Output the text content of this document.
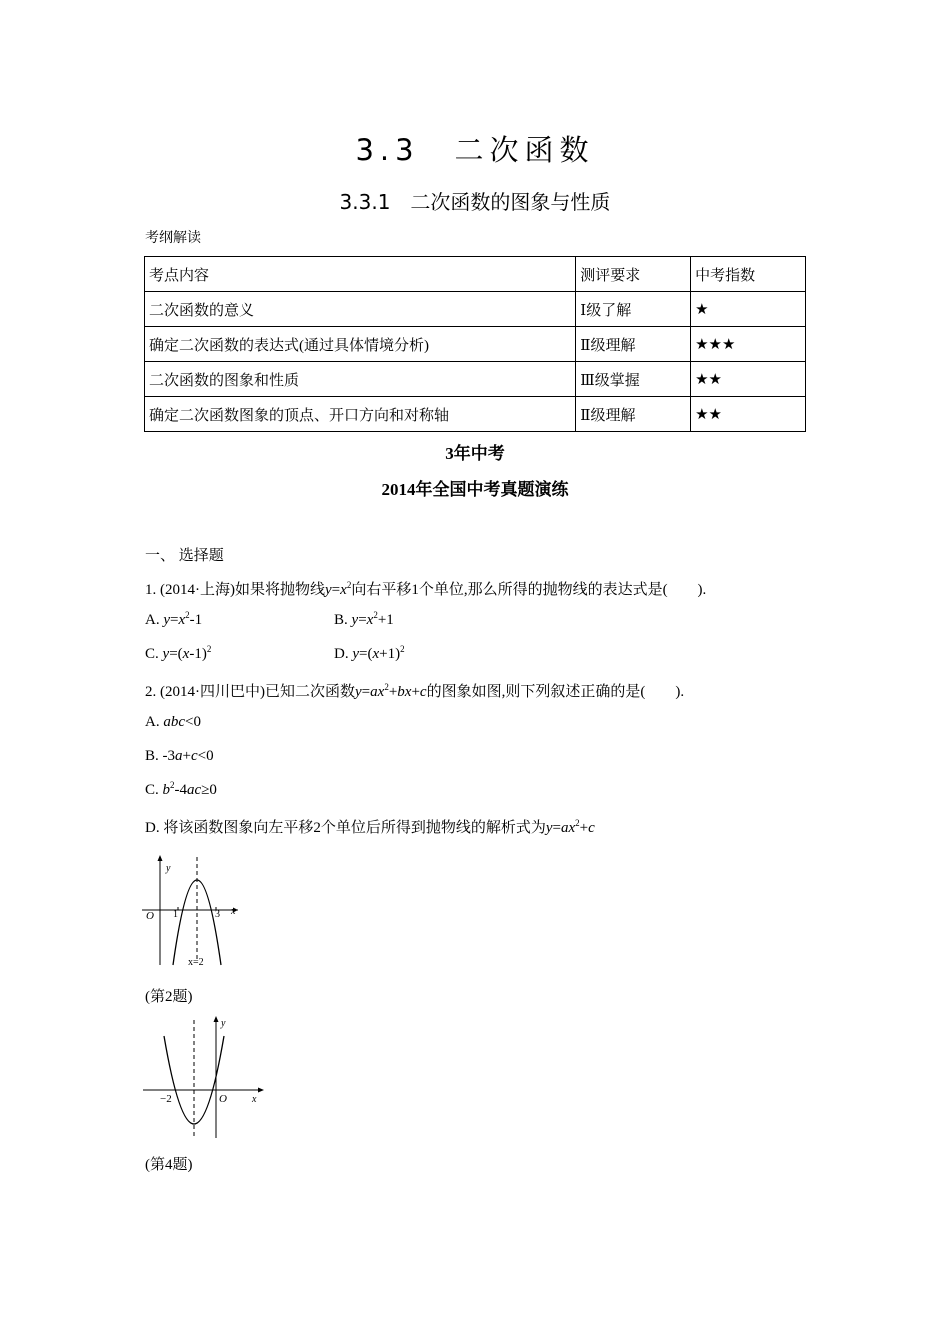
3.3　二次函数
3.3.1　二次函数的图象与性质
考纲解读
考点内容	测评要求	中考指数
二次函数的意义	Ⅰ级了解	★
确定二次函数的表达式(通过具体情境分析)	Ⅱ级理解	★★★
二次函数的图象和性质	Ⅲ级掌握	★★
确定二次函数图象的顶点、开口方向和对称轴	Ⅱ级理解	★★
3年中考
2014年全国中考真题演练
一、 选择题
1. (2014·上海)如果将抛物线$y=x^2$向右平移1个单位,那么所得的抛物线的表达式是(　　).
A. $y=x^2-1$	B. $y=x^2+1$
C. $y=(x-1)^2$	D. $y=(x+1)^2$
2. (2014·四川巴中)已知二次函数$y=ax^2+bx+c$的图象如图,则下列叙述正确的是(　　).
A. abc<0
B. -3a+c<0
C. $b^2-4ac\ge 0$
D. 将该函数图象向左平移2个单位后所得到抛物线的解析式为$y=ax^2+c$
y
x
O 1	3
x=2
(第2题)
y
x
O
−2
(第4题)
